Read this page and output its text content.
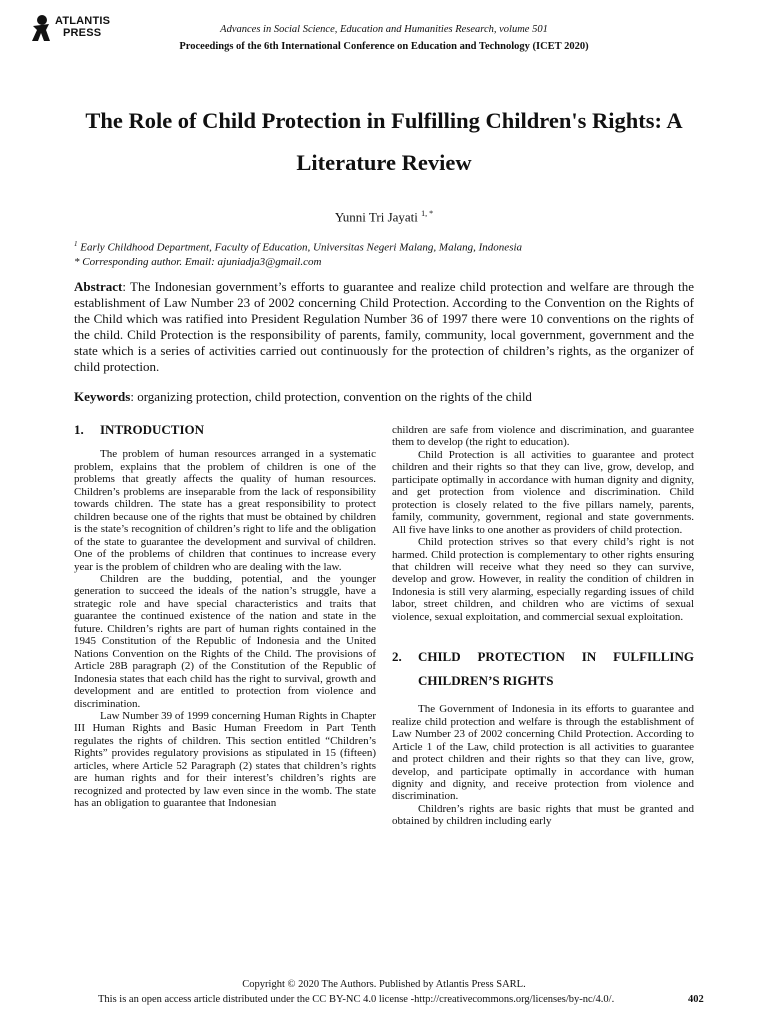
ATLANTIS
PRESS	Advances in Social Science, Education and Humanities Research, volume 501
Proceedings of the 6th International Conference on Education and Technology (ICET 2020)
The Role of Child Protection in Fulfilling Children's Rights: A Literature Review
Yunni Tri Jayati $^{1, *}$
$^1$ Early Childhood Department, Faculty of Education, Universitas Negeri Malang, Malang, Indonesia
* Corresponding author. Email: ajuniadja3@gmail.com
Abstract: The Indonesian government’s efforts to guarantee and realize child protection and welfare are through the establishment of Law Number 23 of 2002 concerning Child Protection. According to the Convention on the Rights of the Child which was ratified into President Regulation Number 36 of 1997 there were 10 conventions on the rights of the child. Child Protection is the responsibility of parents, family, community, local government, government and the state which is a series of activities carried out continuously for the protection of children’s rights, as the organizer of child protection.
Keywords: organizing protection, child protection, convention on the rights of the child
1.	INTRODUCTION

The problem of human resources arranged in a systematic problem, explains that the problem of children is one of the problems that greatly affects the quality of human resources. Children’s problems are inseparable from the lack of responsibility towards children. The state has a great responsibility to protect children because one of the rights that must be obtained by children is the state’s recognition of children’s right to life and the obligation of the state to guarantee the development and survival of children. One of the problems of children that continues to increase every year is the problem of children who are dealing with the law.

Children are the budding, potential, and the younger generation to succeed the ideals of the nation’s struggle, have a strategic role and have special characteristics and traits that guarantee the continued existence of the nation and state in the future. Children’s rights are part of human rights contained in the 1945 Constitution of the Republic of Indonesia and the United Nations Convention on the Rights of the Child. The provisions of Article 28B paragraph (2) of the Constitution of the Republic of Indonesia states that each child has the right to survival, growth and development and are entitled to protection from violence and discrimination.

Law Number 39 of 1999 concerning Human Rights in Chapter III Human Rights and Basic Human Freedom in Part Tenth regulates the rights of children. This section entitled “Children’s Rights” provides regulatory provisions as stipulated in 15 (fifteen) articles, where Article 52 Paragraph (2) states that children’s rights are human rights and for their interest’s children’s rights are recognized and protected by law even since in the womb. The state has an obligation to guarantee that Indonesian

children are safe from violence and discrimination, and guarantee them to develop (the right to education).

Child Protection is all activities to guarantee and protect children and their rights so that they can live, grow, develop, and participate optimally in accordance with human dignity and dignity, and get protection from violence and discrimination. Child protection is closely related to the five pillars namely, parents, family, community, government, regional and state governments. All five have links to one another as providers of child protection.

Child protection strives so that every child’s right is not harmed. Child protection is complementary to other rights ensuring that children will receive what they need so they can survive, develop and grow. However, in reality the condition of children in Indonesia is still very alarming, especially regarding issues of child labor, street children, and children who are victims of sexual violence, sexual exploitation, and commercial sexual exploitation.

2.	CHILD PROTECTION IN FULFILLING CHILDREN’S RIGHTS

The Government of Indonesia in its efforts to guarantee and realize child protection and welfare is through the establishment of Law Number 23 of 2002 concerning Child Protection. According to Article 1 of the Law, child protection is all activities to guarantee and protect children and their rights so that they can live, grow, develop, and participate optimally in accordance with human dignity and dignity, and receive protection from violence and discrimination.

Children’s rights are basic rights that must be granted and obtained by children including early

Copyright © 2020 The Authors. Published by Atlantis Press SARL.
This is an open access article distributed under the CC BY-NC 4.0 license -http://creativecommons.org/licenses/by-nc/4.0/.	402
